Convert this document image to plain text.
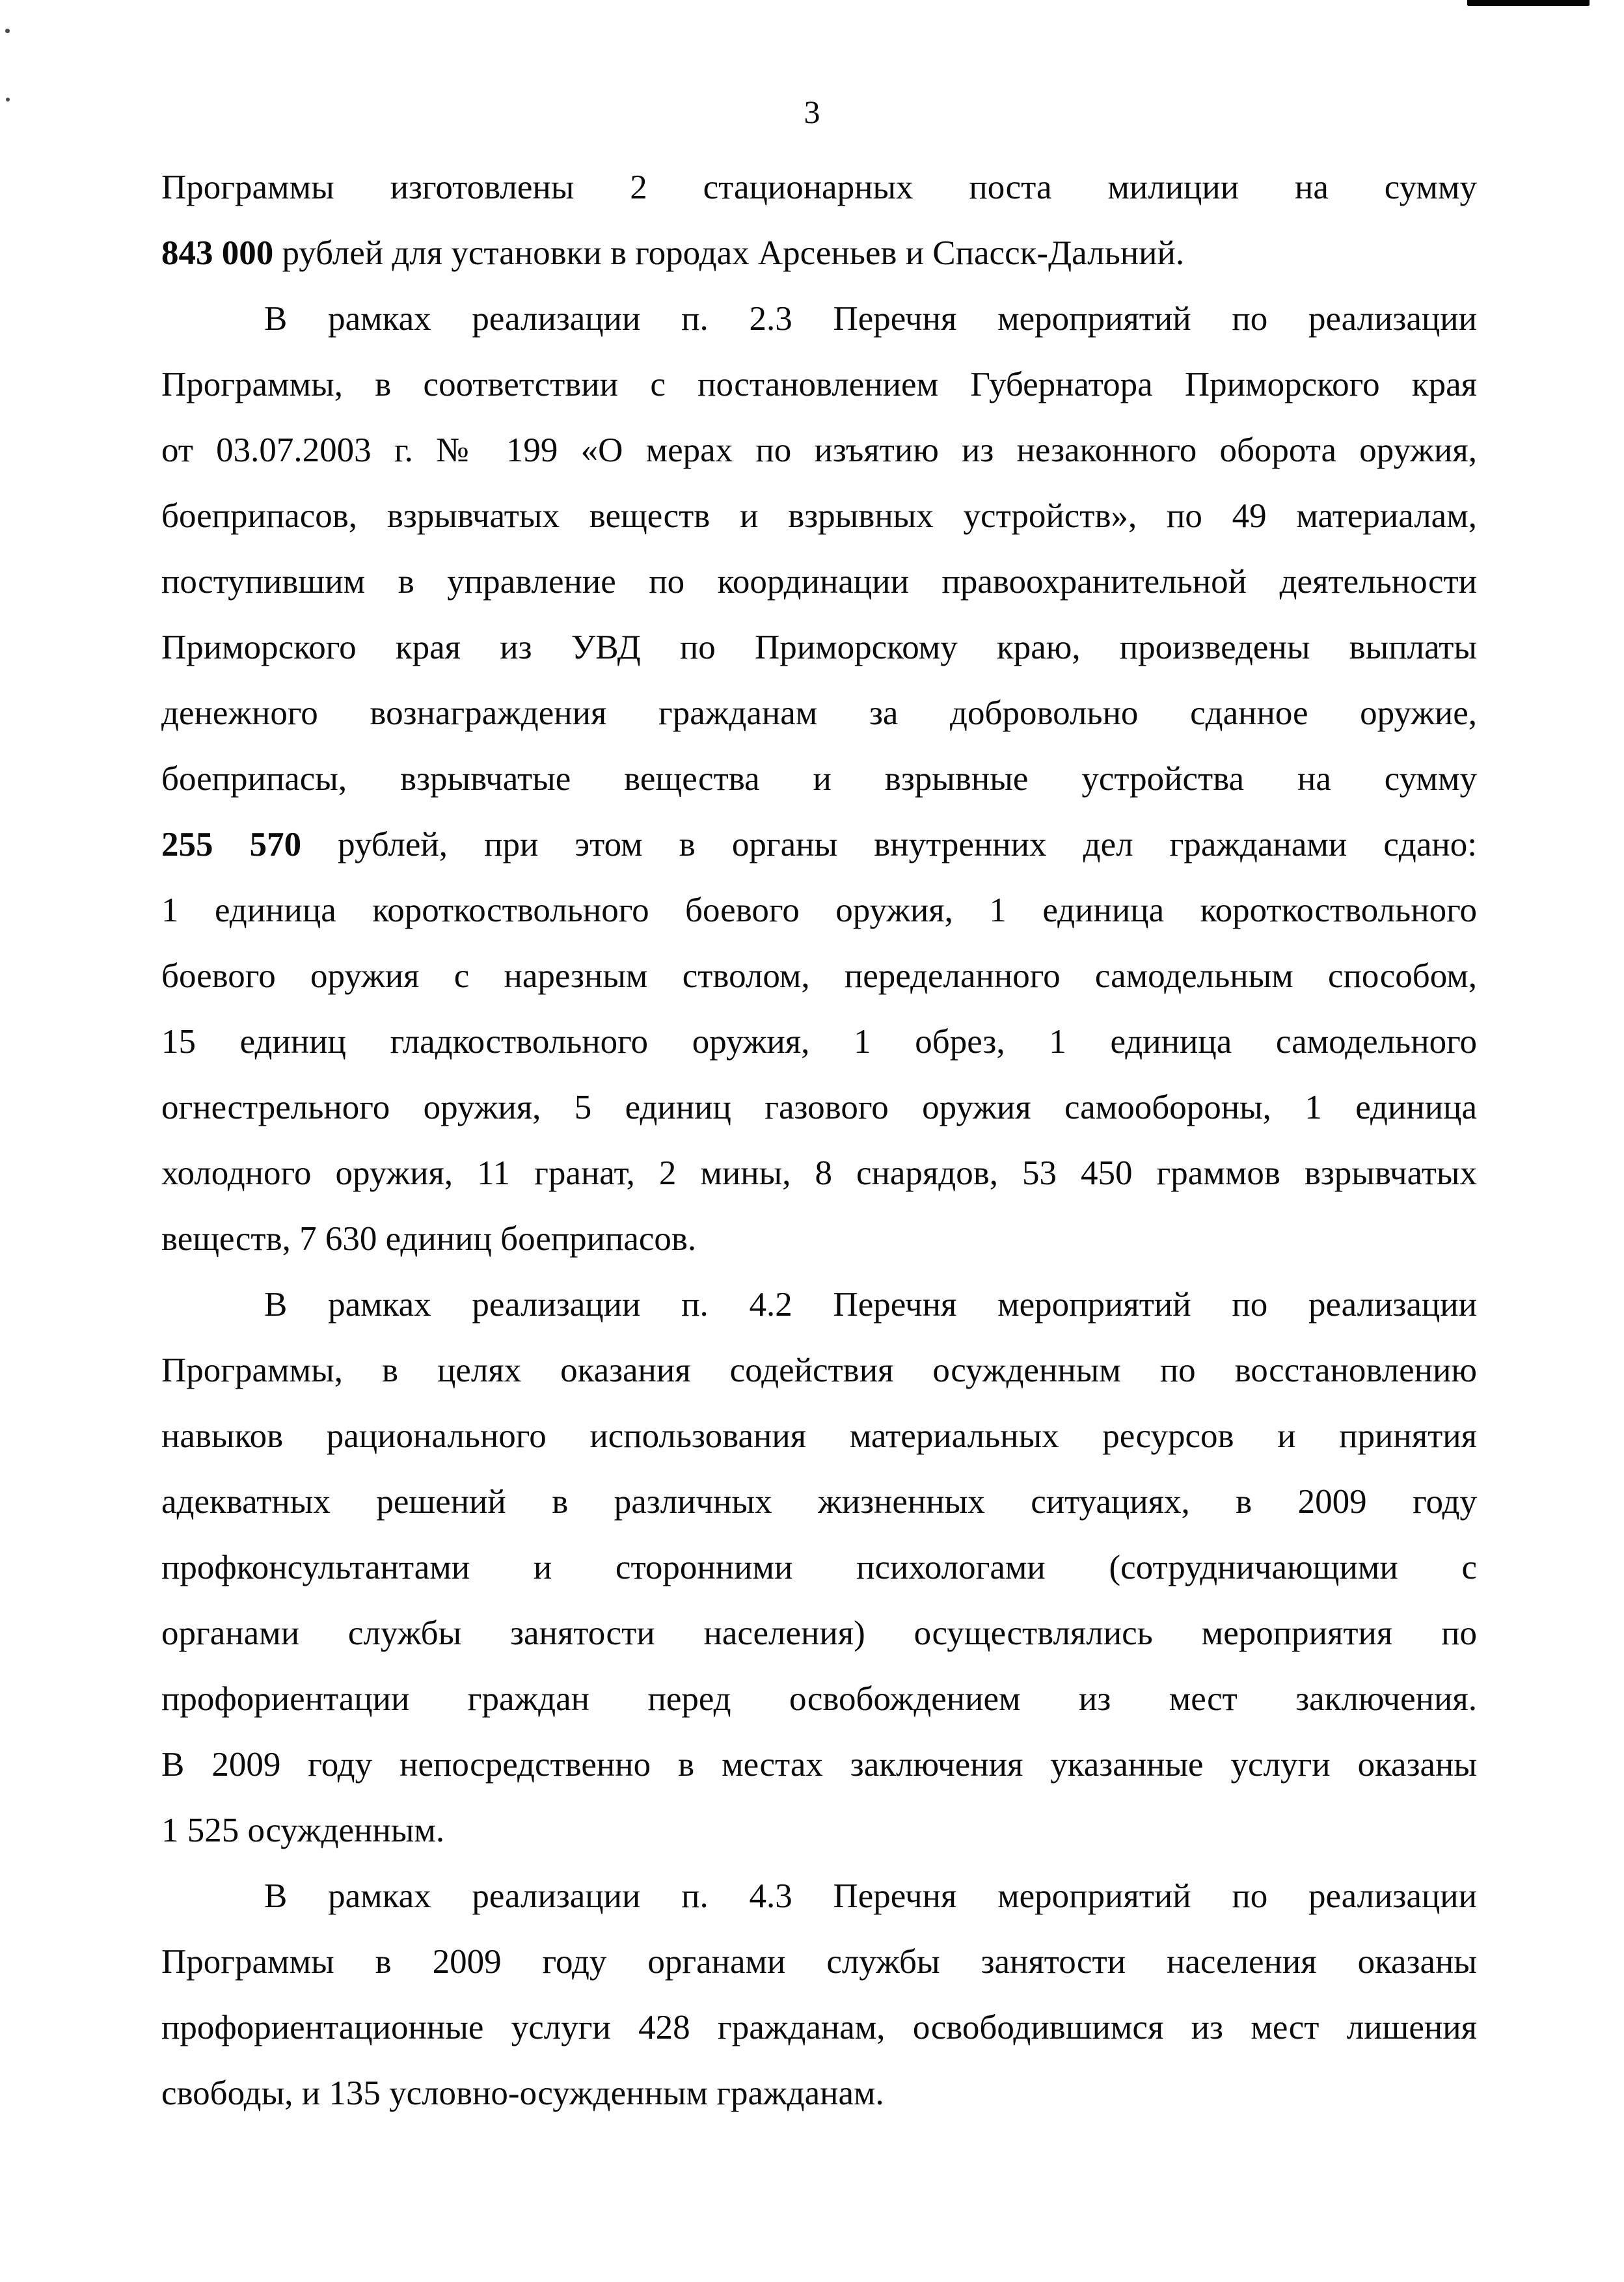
3
Программы изготовлены 2 стационарных поста милиции на сумму
843 000 рублей для установки в городах Арсеньев и Спасск-Дальний.
В рамках реализации п. 2.3 Перечня мероприятий по реализации
Программы, в соответствии с постановлением Губернатора Приморского края
от 03.07.2003 г. № 199 «О мерах по изъятию из незаконного оборота оружия,
боеприпасов, взрывчатых веществ и взрывных устройств», по 49 материалам,
поступившим в управление по координации правоохранительной деятельности
Приморского края из УВД по Приморскому краю, произведены выплаты
денежного вознаграждения гражданам за добровольно сданное оружие,
боеприпасы, взрывчатые вещества и взрывные устройства на сумму
255 570 рублей, при этом в органы внутренних дел гражданами сдано:
1 единица короткоствольного боевого оружия, 1 единица короткоствольного
боевого оружия с нарезным стволом, переделанного самодельным способом,
15 единиц гладкоствольного оружия, 1 обрез, 1 единица самодельного
огнестрельного оружия, 5 единиц газового оружия самообороны, 1 единица
холодного оружия, 11 гранат, 2 мины, 8 снарядов, 53 450 граммов взрывчатых
веществ, 7 630 единиц боеприпасов.
В рамках реализации п. 4.2 Перечня мероприятий по реализации
Программы, в целях оказания содействия осужденным по восстановлению
навыков рационального использования материальных ресурсов и принятия
адекватных решений в различных жизненных ситуациях, в 2009 году
профконсультантами и сторонними психологами (сотрудничающими с
органами службы занятости населения) осуществлялись мероприятия по
профориентации граждан перед освобождением из мест заключения.
В 2009 году непосредственно в местах заключения указанные услуги оказаны
1 525 осужденным.
В рамках реализации п. 4.3 Перечня мероприятий по реализации
Программы в 2009 году органами службы занятости населения оказаны
профориентационные услуги 428 гражданам, освободившимся из мест лишения
свободы, и 135 условно-осужденным гражданам.
